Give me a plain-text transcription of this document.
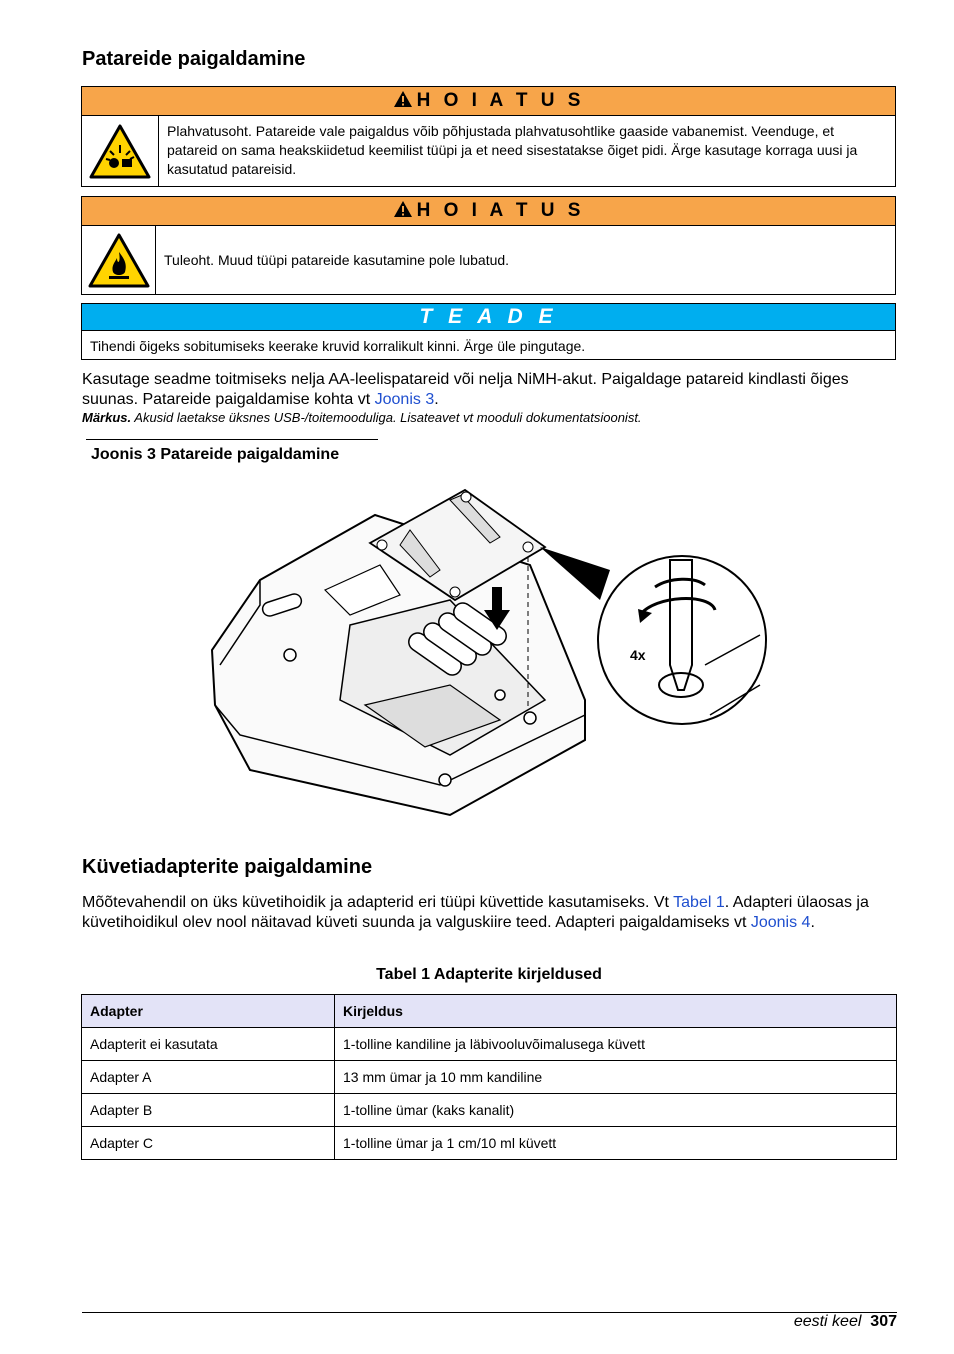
Patareide paigaldamine
H O I A T U S
Plahvatusoht. Patareide vale paigaldus võib põhjustada plahvatusohtlike gaaside vabanemist. Veenduge, et patareid on sama heakskiidetud keemilist tüüpi ja et need sisestatakse õiget pidi. Ärge kasutage korraga uusi ja kasutatud patareisid.
H O I A T U S
Tuleoht. Muud tüüpi patareide kasutamine pole lubatud.
T E A D E
Tihendi õigeks sobitumiseks keerake kruvid korralikult kinni. Ärge üle pingutage.
Kasutage seadme toitmiseks nelja AA-leelispatareid või nelja NiMH-akut. Paigaldage patareid kindlasti õiges suunas. Patareide paigaldamise kohta vt Joonis 3.
Märkus. Akusid laetakse üksnes USB-/toitemooduliga. Lisateavet vt mooduli dokumentatsioonist.
Joonis 3 Patareide paigaldamine
4x
Küvetiadapterite paigaldamine
Mõõtevahendil on üks küvetihoidik ja adapterid eri tüüpi küvettide kasutamiseks. Vt Tabel 1. Adapteri ülaosas ja küvetihoidikul olev nool näitavad küveti suunda ja valguskiire teed. Adapteri paigaldamiseks vt Joonis 4.
Tabel 1 Adapterite kirjeldused
Adapter	Kirjeldus
Adapterit ei kasutata	1-tolline kandiline ja läbivooluvõimalusega küvett
Adapter A	13 mm ümar ja 10 mm kandiline
Adapter B	1-tolline ümar (kaks kanalit)
Adapter C	1-tolline ümar ja 1 cm/10 ml küvett
eesti keel 307
